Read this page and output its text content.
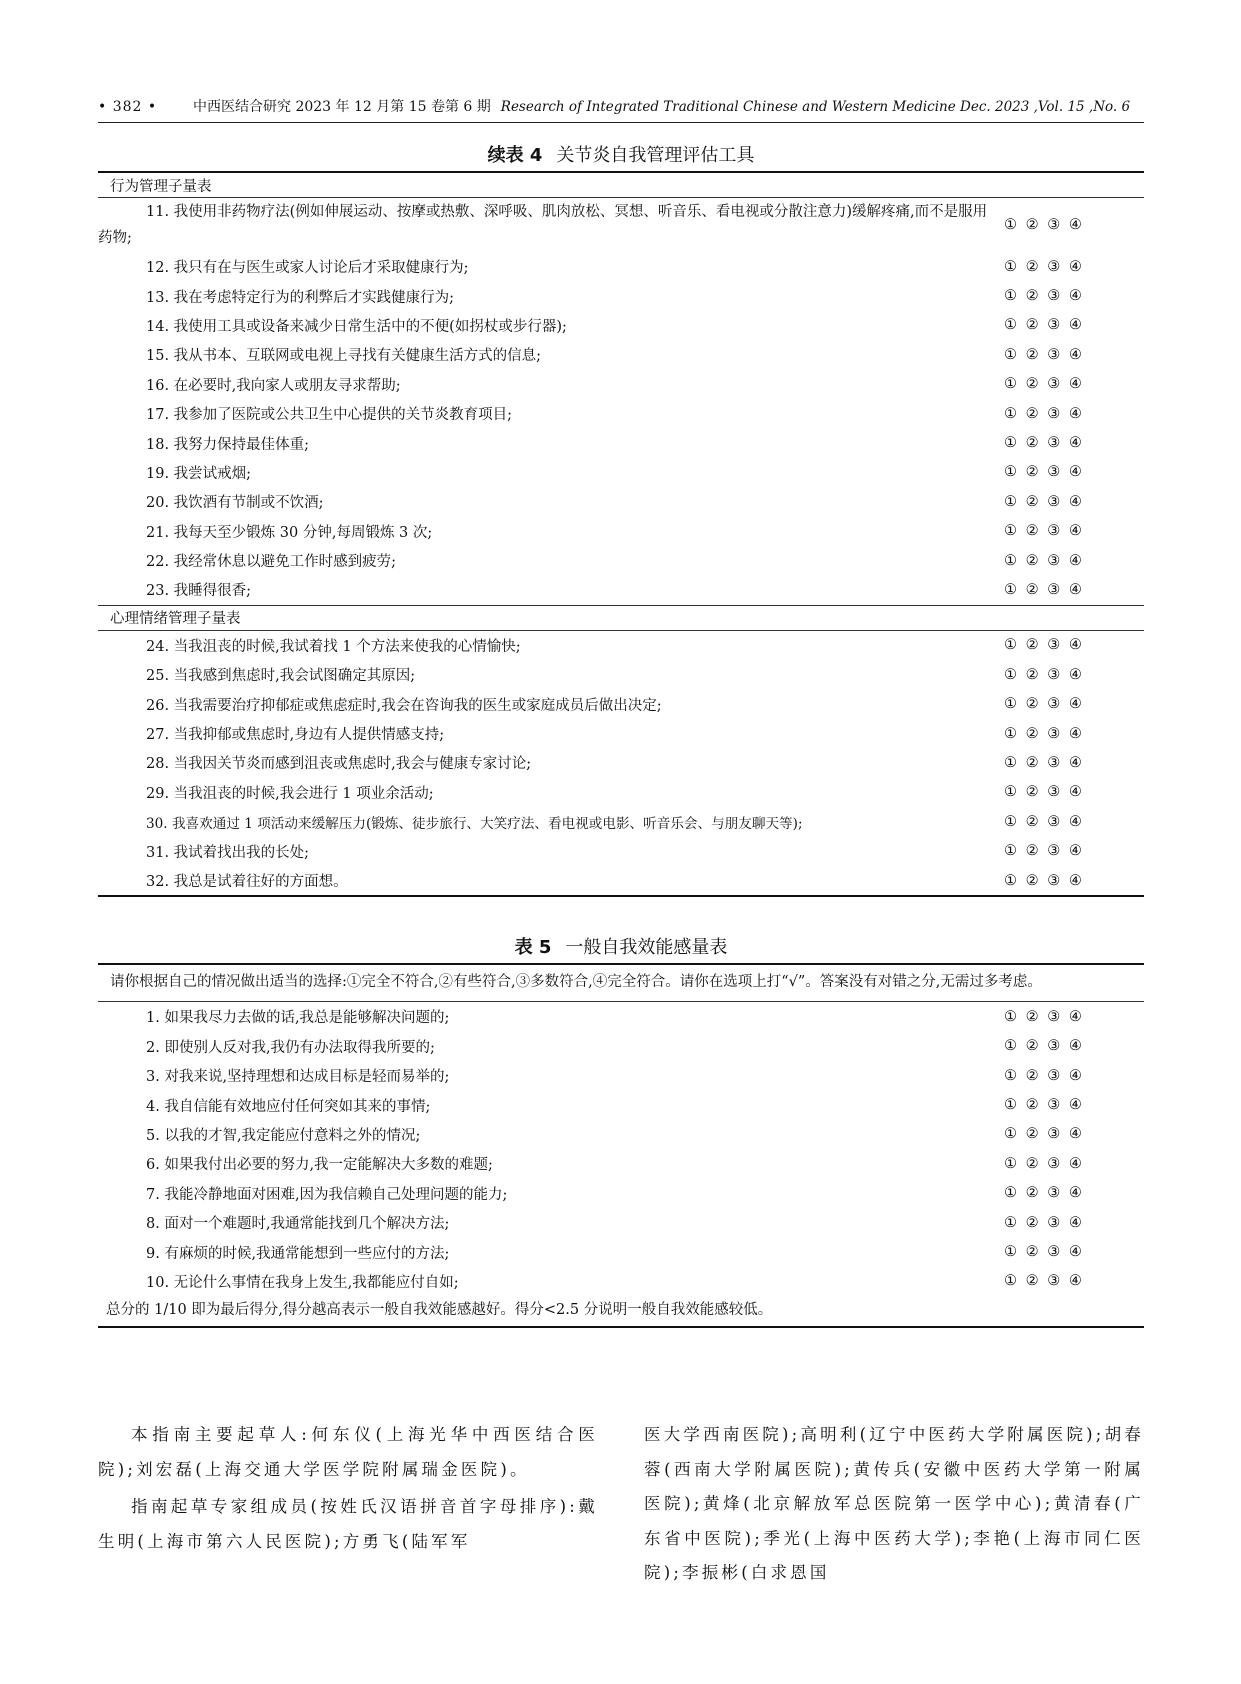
• 382 •	中西医结合研究 2023 年 12 月第 15 卷第 6 期 Research of Integrated Traditional Chinese and Western Medicine Dec. 2023 ,Vol. 15 ,No. 6
续表 4 关节炎自我管理评估工具
行为管理子量表	
11. 我使用非药物疗法(例如伸展运动、按摩或热敷、深呼吸、肌肉放松、冥想、听音乐、看电视或分散注意力)缓解疼痛,而不是服用药物;	① ② ③ ④
12. 我只有在与医生或家人讨论后才采取健康行为;	① ② ③ ④
13. 我在考虑特定行为的利弊后才实践健康行为;	① ② ③ ④
14. 我使用工具或设备来减少日常生活中的不便(如拐杖或步行器);	① ② ③ ④
15. 我从书本、互联网或电视上寻找有关健康生活方式的信息;	① ② ③ ④
16. 在必要时,我向家人或朋友寻求帮助;	① ② ③ ④
17. 我参加了医院或公共卫生中心提供的关节炎教育项目;	① ② ③ ④
18. 我努力保持最佳体重;	① ② ③ ④
19. 我尝试戒烟;	① ② ③ ④
20. 我饮酒有节制或不饮酒;	① ② ③ ④
21. 我每天至少锻炼 30 分钟,每周锻炼 3 次;	① ② ③ ④
22. 我经常休息以避免工作时感到疲劳;	① ② ③ ④
23. 我睡得很香;	① ② ③ ④
心理情绪管理子量表	
24. 当我沮丧的时候,我试着找 1 个方法来使我的心情愉快;	① ② ③ ④
25. 当我感到焦虑时,我会试图确定其原因;	① ② ③ ④
26. 当我需要治疗抑郁症或焦虑症时,我会在咨询我的医生或家庭成员后做出决定;	① ② ③ ④
27. 当我抑郁或焦虑时,身边有人提供情感支持;	① ② ③ ④
28. 当我因关节炎而感到沮丧或焦虑时,我会与健康专家讨论;	① ② ③ ④
29. 当我沮丧的时候,我会进行 1 项业余活动;	① ② ③ ④
30. 我喜欢通过 1 项活动来缓解压力(锻炼、徒步旅行、大笑疗法、看电视或电影、听音乐会、与朋友聊天等);	① ② ③ ④
31. 我试着找出我的长处;	① ② ③ ④
32. 我总是试着往好的方面想。	① ② ③ ④
表 5 一般自我效能感量表
请你根据自己的情况做出适当的选择:①完全不符合,②有些符合,③多数符合,④完全符合。请你在选项上打“√”。答案没有对错之分,无需过多考虑。
1. 如果我尽力去做的话,我总是能够解决问题的;	① ② ③ ④
2. 即使别人反对我,我仍有办法取得我所要的;	① ② ③ ④
3. 对我来说,坚持理想和达成目标是轻而易举的;	① ② ③ ④
4. 我自信能有效地应付任何突如其来的事情;	① ② ③ ④
5. 以我的才智,我定能应付意料之外的情况;	① ② ③ ④
6. 如果我付出必要的努力,我一定能解决大多数的难题;	① ② ③ ④
7. 我能冷静地面对困难,因为我信赖自己处理问题的能力;	① ② ③ ④
8. 面对一个难题时,我通常能找到几个解决方法;	① ② ③ ④
9. 有麻烦的时候,我通常能想到一些应付的方法;	① ② ③ ④
10. 无论什么事情在我身上发生,我都能应付自如;	① ② ③ ④
总分的 1/10 即为最后得分,得分越高表示一般自我效能感越好。得分<2.5 分说明一般自我效能感较低。

本指南主要起草人:何东仪(上海光华中西医结合医院);刘宏磊(上海交通大学医学院附属瑞金医院)。

指南起草专家组成员(按姓氏汉语拼音首字母排序):戴生明(上海市第六人民医院);方勇飞(陆军军

医大学西南医院);高明利(辽宁中医药大学附属医院);胡春蓉(西南大学附属医院);黄传兵(安徽中医药大学第一附属医院);黄烽(北京解放军总医院第一医学中心);黄清春(广东省中医院);季光(上海中医药大学);李艳(上海市同仁医院);李振彬(白求恩国
